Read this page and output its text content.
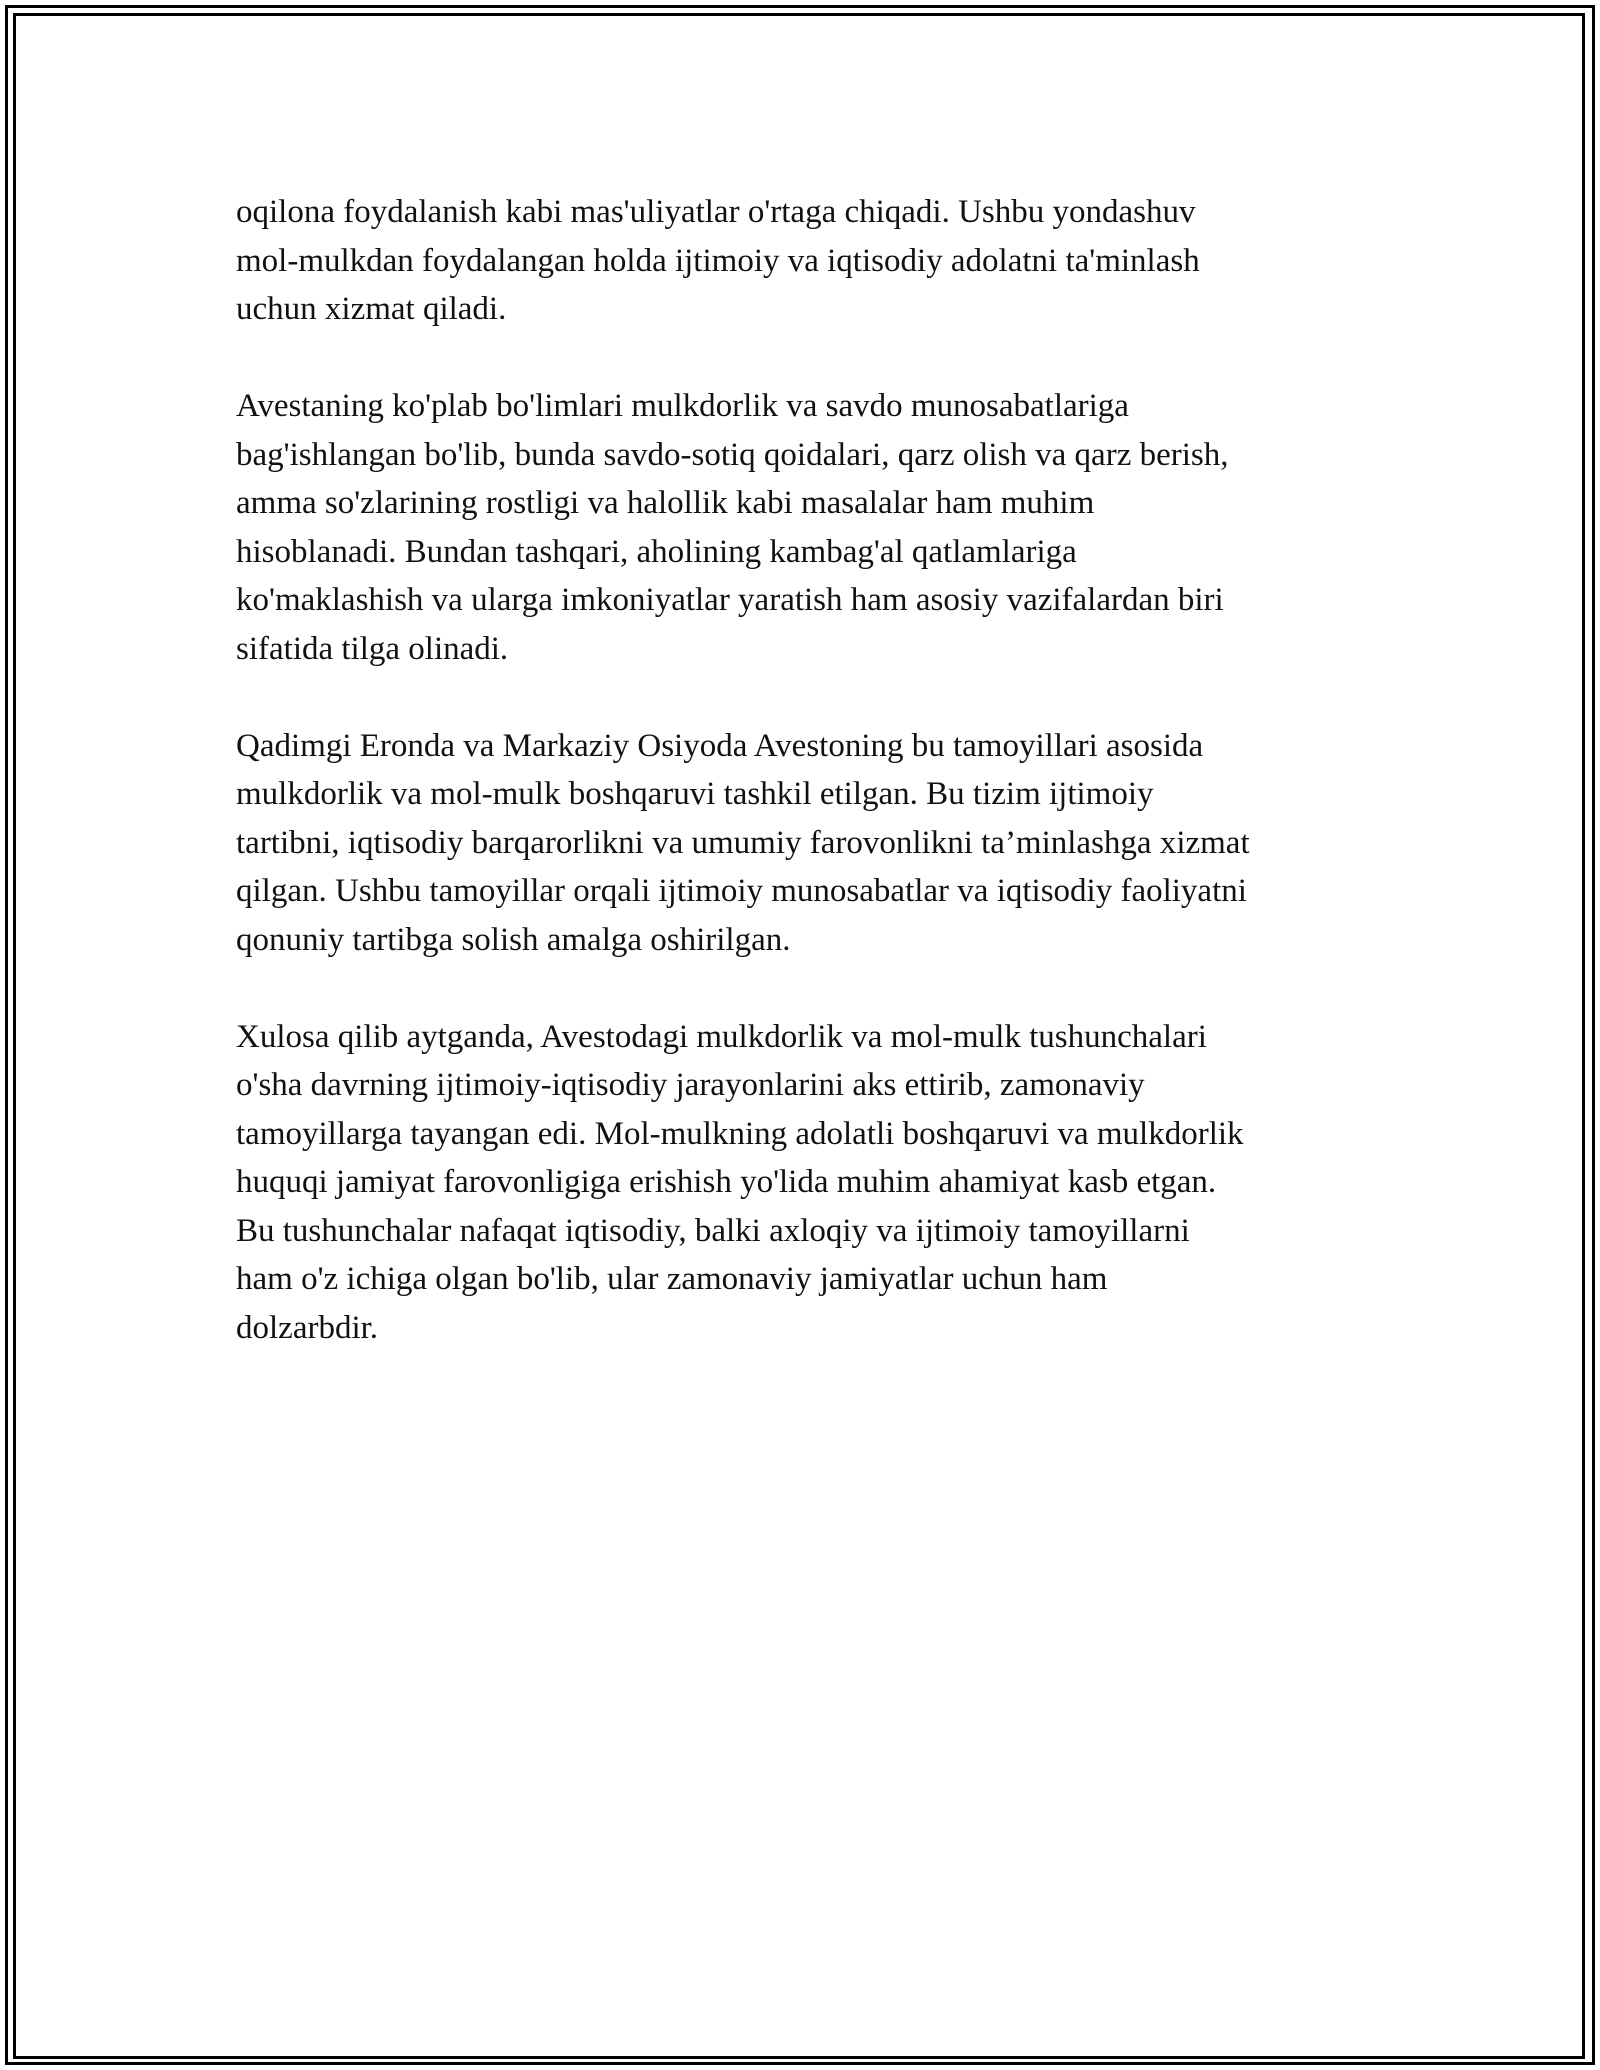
oqilona foydalanish kabi mas'uliyatlar o'rtaga chiqadi. Ushbu yondashuv
mol-mulkdan foydalangan holda ijtimoiy va iqtisodiy adolatni ta'minlash
uchun xizmat qiladi.

Avestaning ko'plab bo'limlari mulkdorlik va savdo munosabatlariga
bag'ishlangan bo'lib, bunda savdo-sotiq qoidalari, qarz olish va qarz berish,
amma so'zlarining rostligi va halollik kabi masalalar ham muhim
hisoblanadi. Bundan tashqari, aholining kambag'al qatlamlariga
ko'maklashish va ularga imkoniyatlar yaratish ham asosiy vazifalardan biri
sifatida tilga olinadi.

Qadimgi Eronda va Markaziy Osiyoda Avestoning bu tamoyillari asosida
mulkdorlik va mol-mulk boshqaruvi tashkil etilgan. Bu tizim ijtimoiy
tartibni, iqtisodiy barqarorlikni va umumiy farovonlikni ta’minlashga xizmat
qilgan. Ushbu tamoyillar orqali ijtimoiy munosabatlar va iqtisodiy faoliyatni
qonuniy tartibga solish amalga oshirilgan.

Xulosa qilib aytganda, Avestodagi mulkdorlik va mol-mulk tushunchalari
o'sha davrning ijtimoiy-iqtisodiy jarayonlarini aks ettirib, zamonaviy
tamoyillarga tayangan edi. Mol-mulkning adolatli boshqaruvi va mulkdorlik
huquqi jamiyat farovonligiga erishish yo'lida muhim ahamiyat kasb etgan.
Bu tushunchalar nafaqat iqtisodiy, balki axloqiy va ijtimoiy tamoyillarni
ham o'z ichiga olgan bo'lib, ular zamonaviy jamiyatlar uchun ham
dolzarbdir.
